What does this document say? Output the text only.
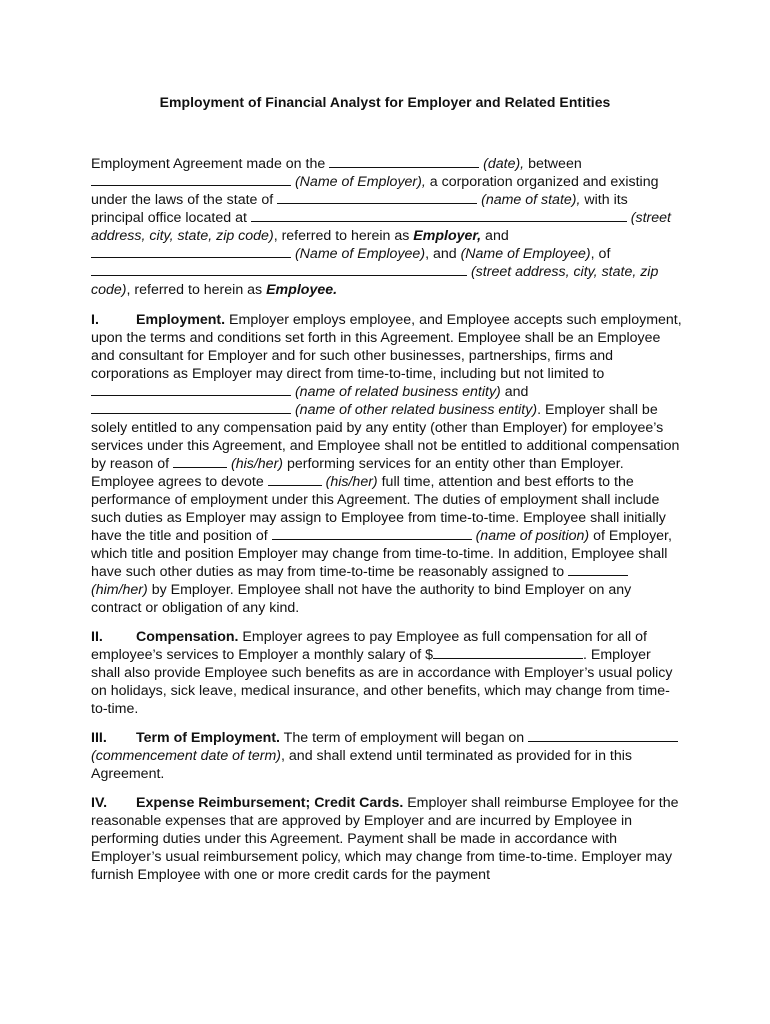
Employment of Financial Analyst for Employer and Related Entities

Employment Agreement made on the	(date), between  (Name of Employer), a corporation organized and existing under the laws of the state of	(name of state), with its principal office located at	(street address, city, state, zip code), referred to herein as Employer, and  (Name of Employee), and (Name of Employee), of  (street address, city, state, zip code), referred to herein as Employee.

I.	Employment. Employer employs employee, and Employee accepts such employment, upon the terms and conditions set forth in this Agreement. Employee shall be an Employee and consultant for Employer and for such other businesses, partnerships, firms and corporations as Employer may direct from time-to-time, including but not limited to  (name of related business entity) and  (name of other related business entity). Employer shall be solely entitled to any compensation paid by any entity (other than Employer) for employee’s services under this Agreement, and Employee shall not be entitled to additional compensation by reason of	(his/her) performing services for an entity other than Employer. Employee agrees to devote	(his/her) full time, attention and best efforts to the performance of employment under this Agreement. The duties of employment shall include such duties as Employer may assign to Employee from time-to-time. Employee shall initially have the title and position of	(name of position) of Employer, which title and position Employer may change from time-to-time. In addition, Employee shall have such other duties as may from time-to-time be reasonably assigned to  (him/her) by Employer. Employee shall not have the authority to bind Employer on any contract or obligation of any kind.

II. Compensation. Employer agrees to pay Employee as full compensation for all of employee’s services to Employer a monthly salary of $	. Employer shall also provide Employee such benefits as are in accordance with Employer’s usual policy on holidays, sick leave, medical insurance, and other benefits, which may change from time-to-time.

III. Term of Employment. The term of employment will began on  (commencement date of term), and shall extend until terminated as provided for in this Agreement.

IV. Expense Reimbursement; Credit Cards. Employer shall reimburse Employee for the reasonable expenses that are approved by Employer and are incurred by Employee in performing duties under this Agreement. Payment shall be made in accordance with Employer’s usual reimbursement policy, which may change from time-to-time. Employer may furnish Employee with one or more credit cards for the payment
